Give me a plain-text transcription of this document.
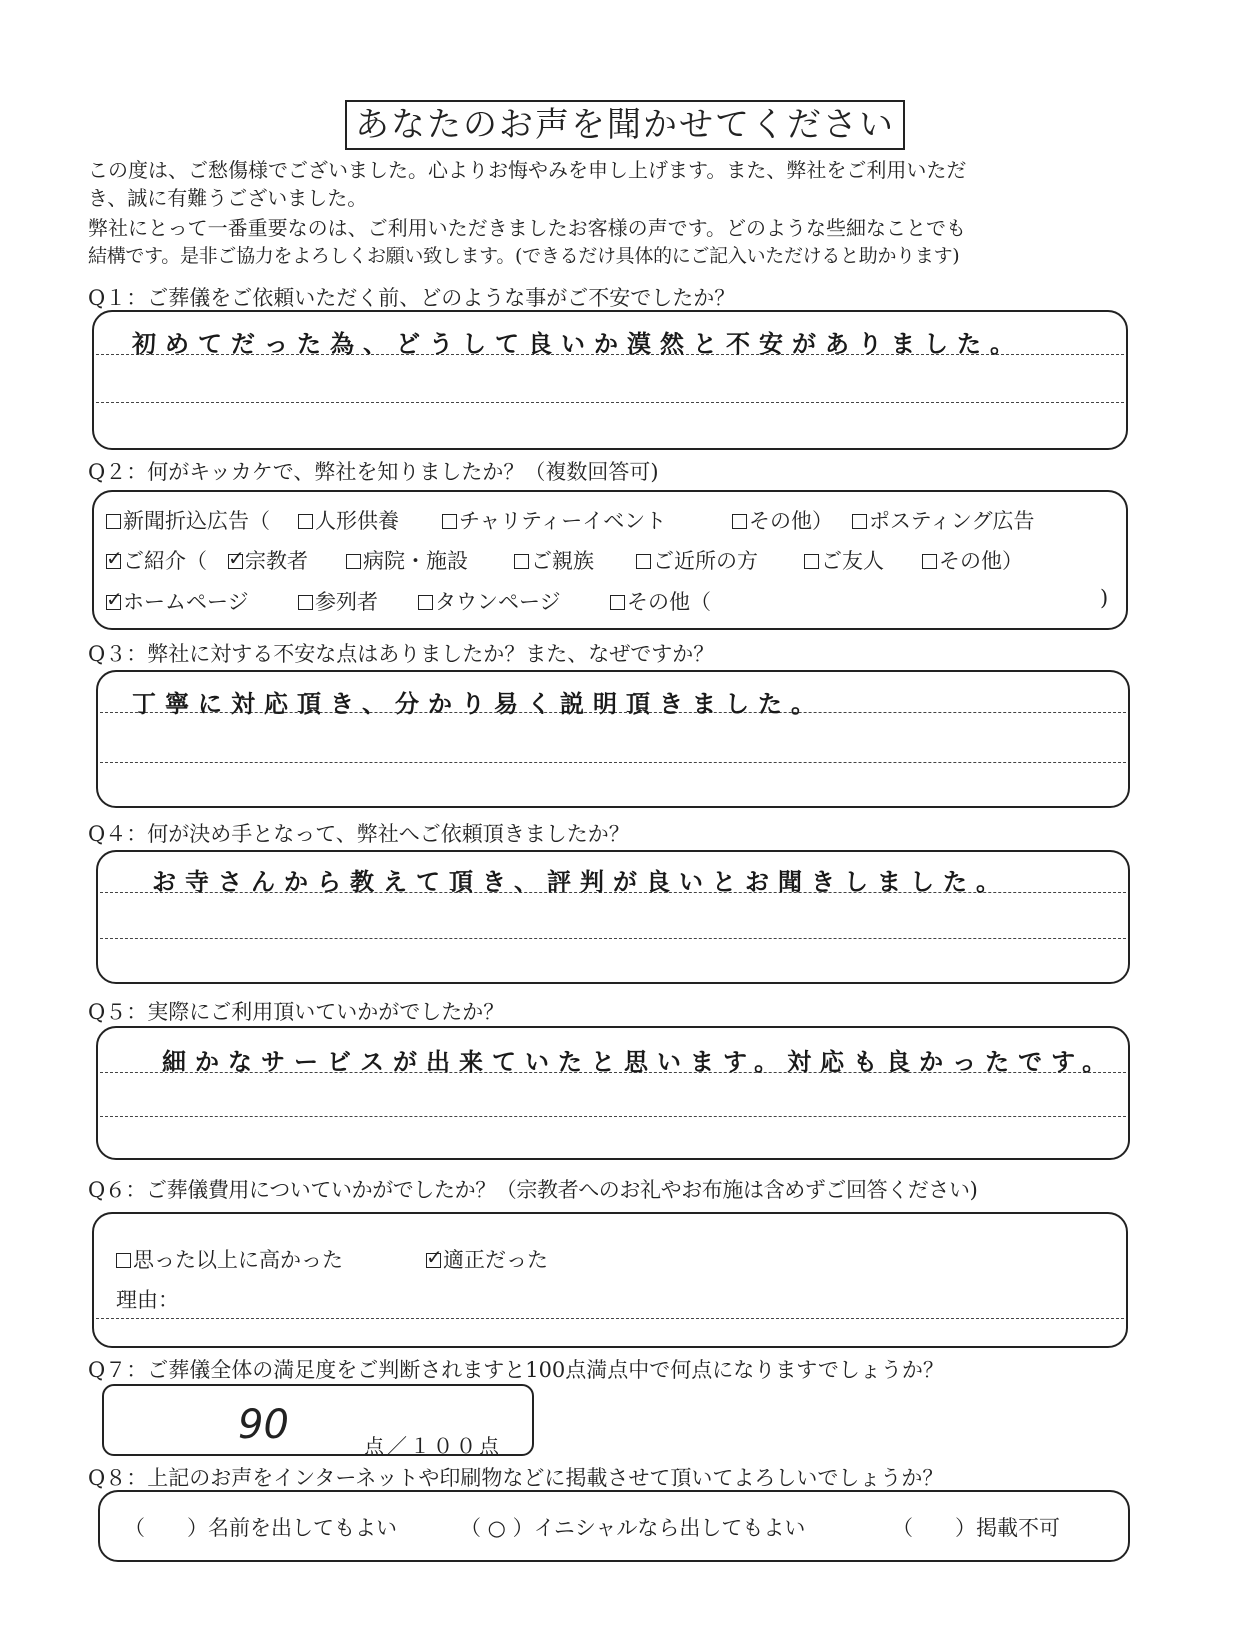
あなたのお声を聞かせてください
この度は、ご愁傷様でございました。心よりお悔やみを申し上げます。また、弊社をご利用いただ
き、誠に有難うございました。
弊社にとって一番重要なのは、ご利用いただきましたお客様の声です。どのような些細なことでも
結構です。是非ご協力をよろしくお願い致します。(できるだけ具体的にご記入いただけると助かります)
Q１：ご葬儀をご依頼いただく前、どのような事がご不安でしたか？
初めてだった為、どうして良いか漠然と不安がありました。
Q２：何がキッカケで、弊社を知りましたか？（複数回答可)
新聞折込広告（	人形供養	チャリティーイベント	その他）	ポスティング広告
✓ご紹介（ ✓	宗教者	病院・施設	ご親族	ご近所の方	ご友人	その他）
✓ホームページ	参列者	タウンページ	その他（	)
Q３：弊社に対する不安な点はありましたか？また、なぜですか？
丁寧に対応頂き、分かり易く説明頂きました。
Q４：何が決め手となって、弊社へご依頼頂きましたか？
お寺さんから教えて頂き、評判が良いとお聞きしました。
Q５：実際にご利用頂いていかがでしたか？
細かなサービスが出来ていたと思います。対応も良かったです。
Q６：ご葬儀費用についていかがでしたか？（宗教者へのお礼やお布施は含めずご回答ください)
思った以上に高かった ✓	適正だった
理由：
Q７：ご葬儀全体の満足度をご判断されますと100点満点中で何点になりますでしょうか？
90	点／１００点
Q８：上記のお声をインターネットや印刷物などに掲載させて頂いてよろしいでしょうか？
（　　）名前を出してもよい	（ ○ ）イニシャルなら出してもよい	（　　）掲載不可
